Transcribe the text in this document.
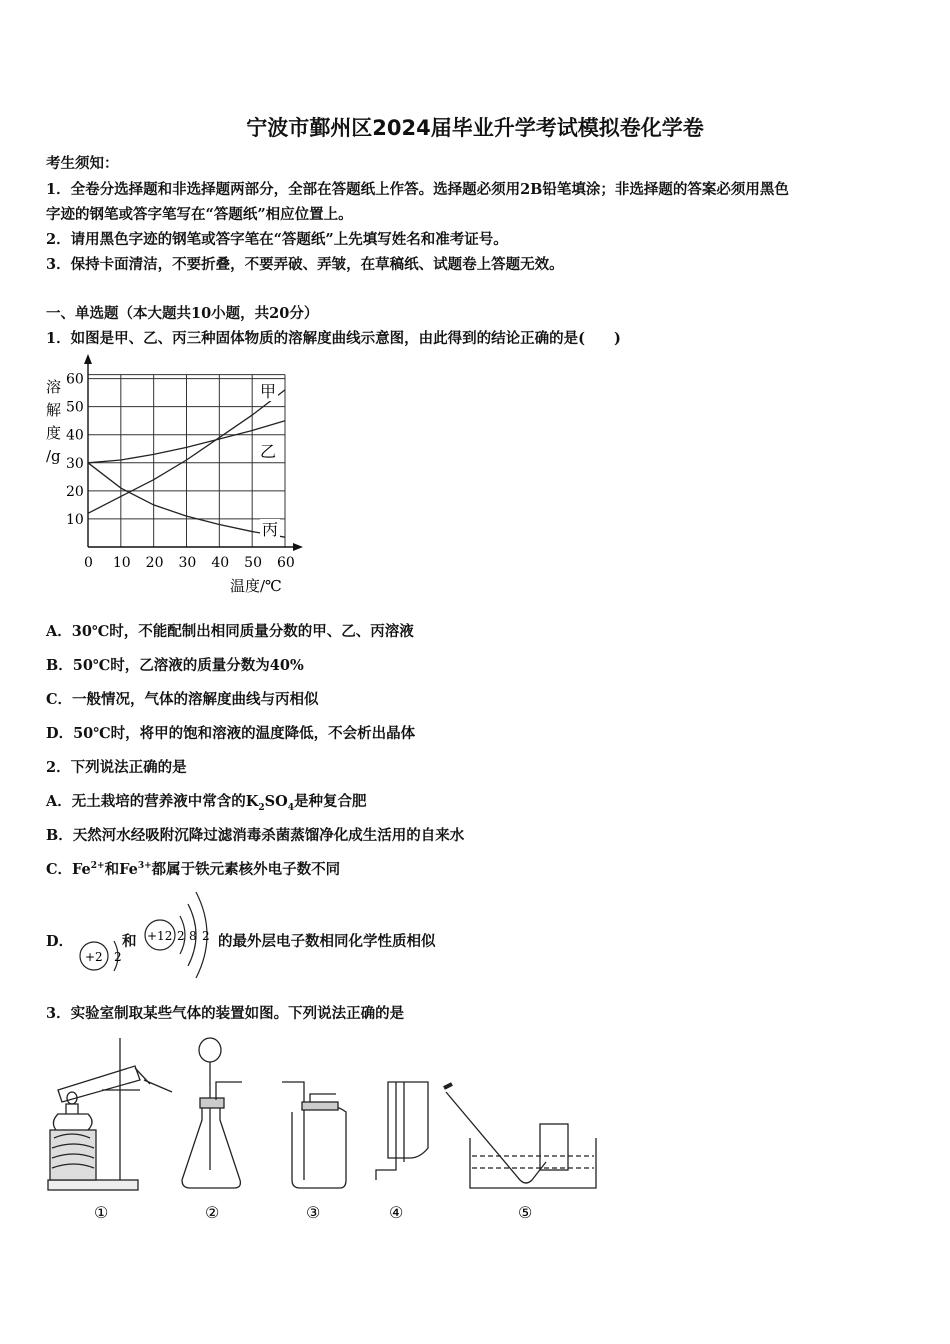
宁波市鄞州区2024届毕业升学考试模拟卷化学卷
考生须知：
1．全卷分选择题和非选择题两部分，全部在答题纸上作答。选择题必须用2B铅笔填涂；非选择题的答案必须用黑色
字迹的钢笔或答字笔写在“答题纸”相应位置上。
2．请用黑色字迹的钢笔或答字笔在“答题纸”上先填写姓名和准考证号。
3．保持卡面清洁，不要折叠，不要弄破、弄皱，在草稿纸、试题卷上答题无效。
一、单选题（本大题共10小题，共20分）
1．如图是甲、乙、丙三种固体物质的溶解度曲线示意图，由此得到的结论正确的是(　　)
甲
乙
丙
0 10 20 30 40 50 60
10
20
30
40
50
60
溶
解
度
/g
温度/℃
A．30℃时，不能配制出相同质量分数的甲、乙、丙溶液
B．50℃时，乙溶液的质量分数为40%
C．一般情况，气体的溶解度曲线与丙相似
D．50℃时，将甲的饱和溶液的温度降低，不会析出晶体
2．下列说法正确的是
A．无土栽培的营养液中常含的$K_2SO_4$是种复合肥
B．天然河水经吸附沉降过滤消毒杀菌蒸馏净化成生活用的自来水
C．$Fe^{2+}$和$Fe^{3+}$都属于铁元素核外电子数不同
D．
+2 2
和 +12 2 8 2 的最外层电子数相同化学性质相似
3．实验室制取某些气体的装置如图。下列说法正确的是
①	②	③	④	⑤
